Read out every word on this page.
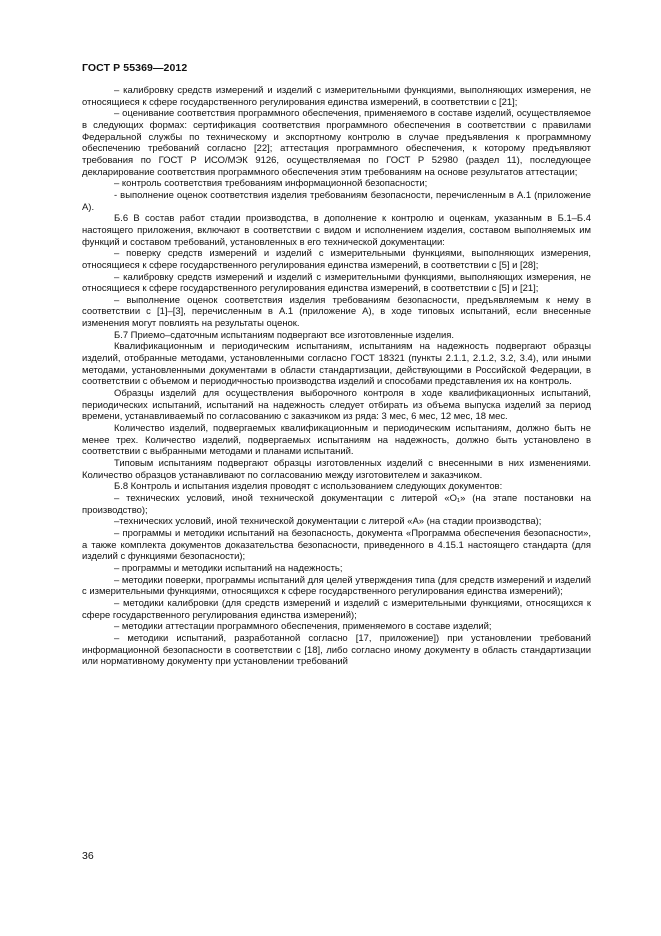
ГОСТ Р 55369—2012

– калибровку средств измерений и изделий с измерительными функциями, выполняющих измерения, не относящиеся к сфере государственного регулирования единства измерений, в соответствии с [21];

– оценивание соответствия программного обеспечения, применяемого в составе изделий, осуществляемое в следующих формах: сертификация соответствия программного обеспечения в соответствии с правилами Федеральной службы по техническому и экспортному контролю в случае предъявления к программному обеспечению требований согласно [22]; аттестация программного обеспечения, к которому предъявляют требования по ГОСТ Р ИСО/МЭК 9126, осуществляемая по ГОСТ Р 52980 (раздел 11), последующее декларирование соответствия программного обеспечения этим требованиям на основе результатов аттестации;

– контроль соответствия требованиям информационной безопасности;

- выполнение оценок соответствия изделия требованиям безопасности, перечисленным в А.1 (приложение А).

Б.6 В состав работ стадии производства, в дополнение к контролю и оценкам, указанным в Б.1–Б.4 настоящего приложения, включают в соответствии с видом и исполнением изделия, составом выполняемых им функций и составом требований, установленных в его технической документации:

– поверку средств измерений и изделий с измерительными функциями, выполняющих измерения, относящиеся к сфере государственного регулирования единства измерений, в соответствии с [5] и [28];

– калибровку средств измерений и изделий с измерительными функциями, выполняющих измерения, не относящиеся к сфере государственного регулирования единства измерений, в соответствии с [5] и [21];

– выполнение оценок соответствия изделия требованиям безопасности, предъявляемым к нему в соответствии с [1]–[3], перечисленным в А.1 (приложение А), в ходе типовых испытаний, если внесенные изменения могут повлиять на результаты оценок.

Б.7 Приемо–сдаточным испытаниям подвергают все изготовленные изделия.

Квалификационным и периодическим испытаниям, испытаниям на надежность подвергают образцы изделий, отобранные методами, установленными согласно ГОСТ 18321 (пункты 2.1.1, 2.1.2, 3.2, 3.4), или иными методами, установленными документами в области стандартизации, действующими в Российской Федерации, в соответствии с объемом и периодичностью производства изделий и способами представления их на контроль.

Образцы изделий для осуществления выборочного контроля в ходе квалификационных испытаний, периодических испытаний, испытаний на надежность следует отбирать из объема выпуска изделий за период времени, устанавливаемый по согласованию с заказчиком из ряда: 3 мес, 6 мес, 12 мес, 18 мес.

Количество изделий, подвергаемых квалификационным и периодическим испытаниям, должно быть не менее трех. Количество изделий, подвергаемых испытаниям на надежность, должно быть установлено в соответствии с выбранными методами и планами испытаний.

Типовым испытаниям подвергают образцы изготовленных изделий с внесенными в них изменениями. Количество образцов устанавливают по согласованию между изготовителем и заказчиком.

Б.8 Контроль и испытания изделия проводят с использованием следующих документов:

– технических условий, иной технической документации с литерой «О₁» (на этапе постановки на производство);

–технических условий, иной технической документации с литерой «А» (на стадии производства);

– программы и методики испытаний на безопасность, документа «Программа обеспечения безопасности», а также комплекта документов доказательства безопасности, приведенного в 4.15.1 настоящего стандарта (для изделий с функциями безопасности);

– программы и методики испытаний на надежность;

– методики поверки, программы испытаний для целей утверждения типа (для средств измерений и изделий с измерительными функциями, относящихся к сфере государственного регулирования единства измерений);

– методики калибровки (для средств измерений и изделий с измерительными функциями, относящихся к сфере государственного регулирования единства измерений);

– методики аттестации программного обеспечения, применяемого в составе изделий;

– методики испытаний, разработанной согласно [17, приложение]) при установлении требований информационной безопасности в соответствии с [18], либо согласно иному документу в область стандартизации или нормативному документу при установлении требований

36
